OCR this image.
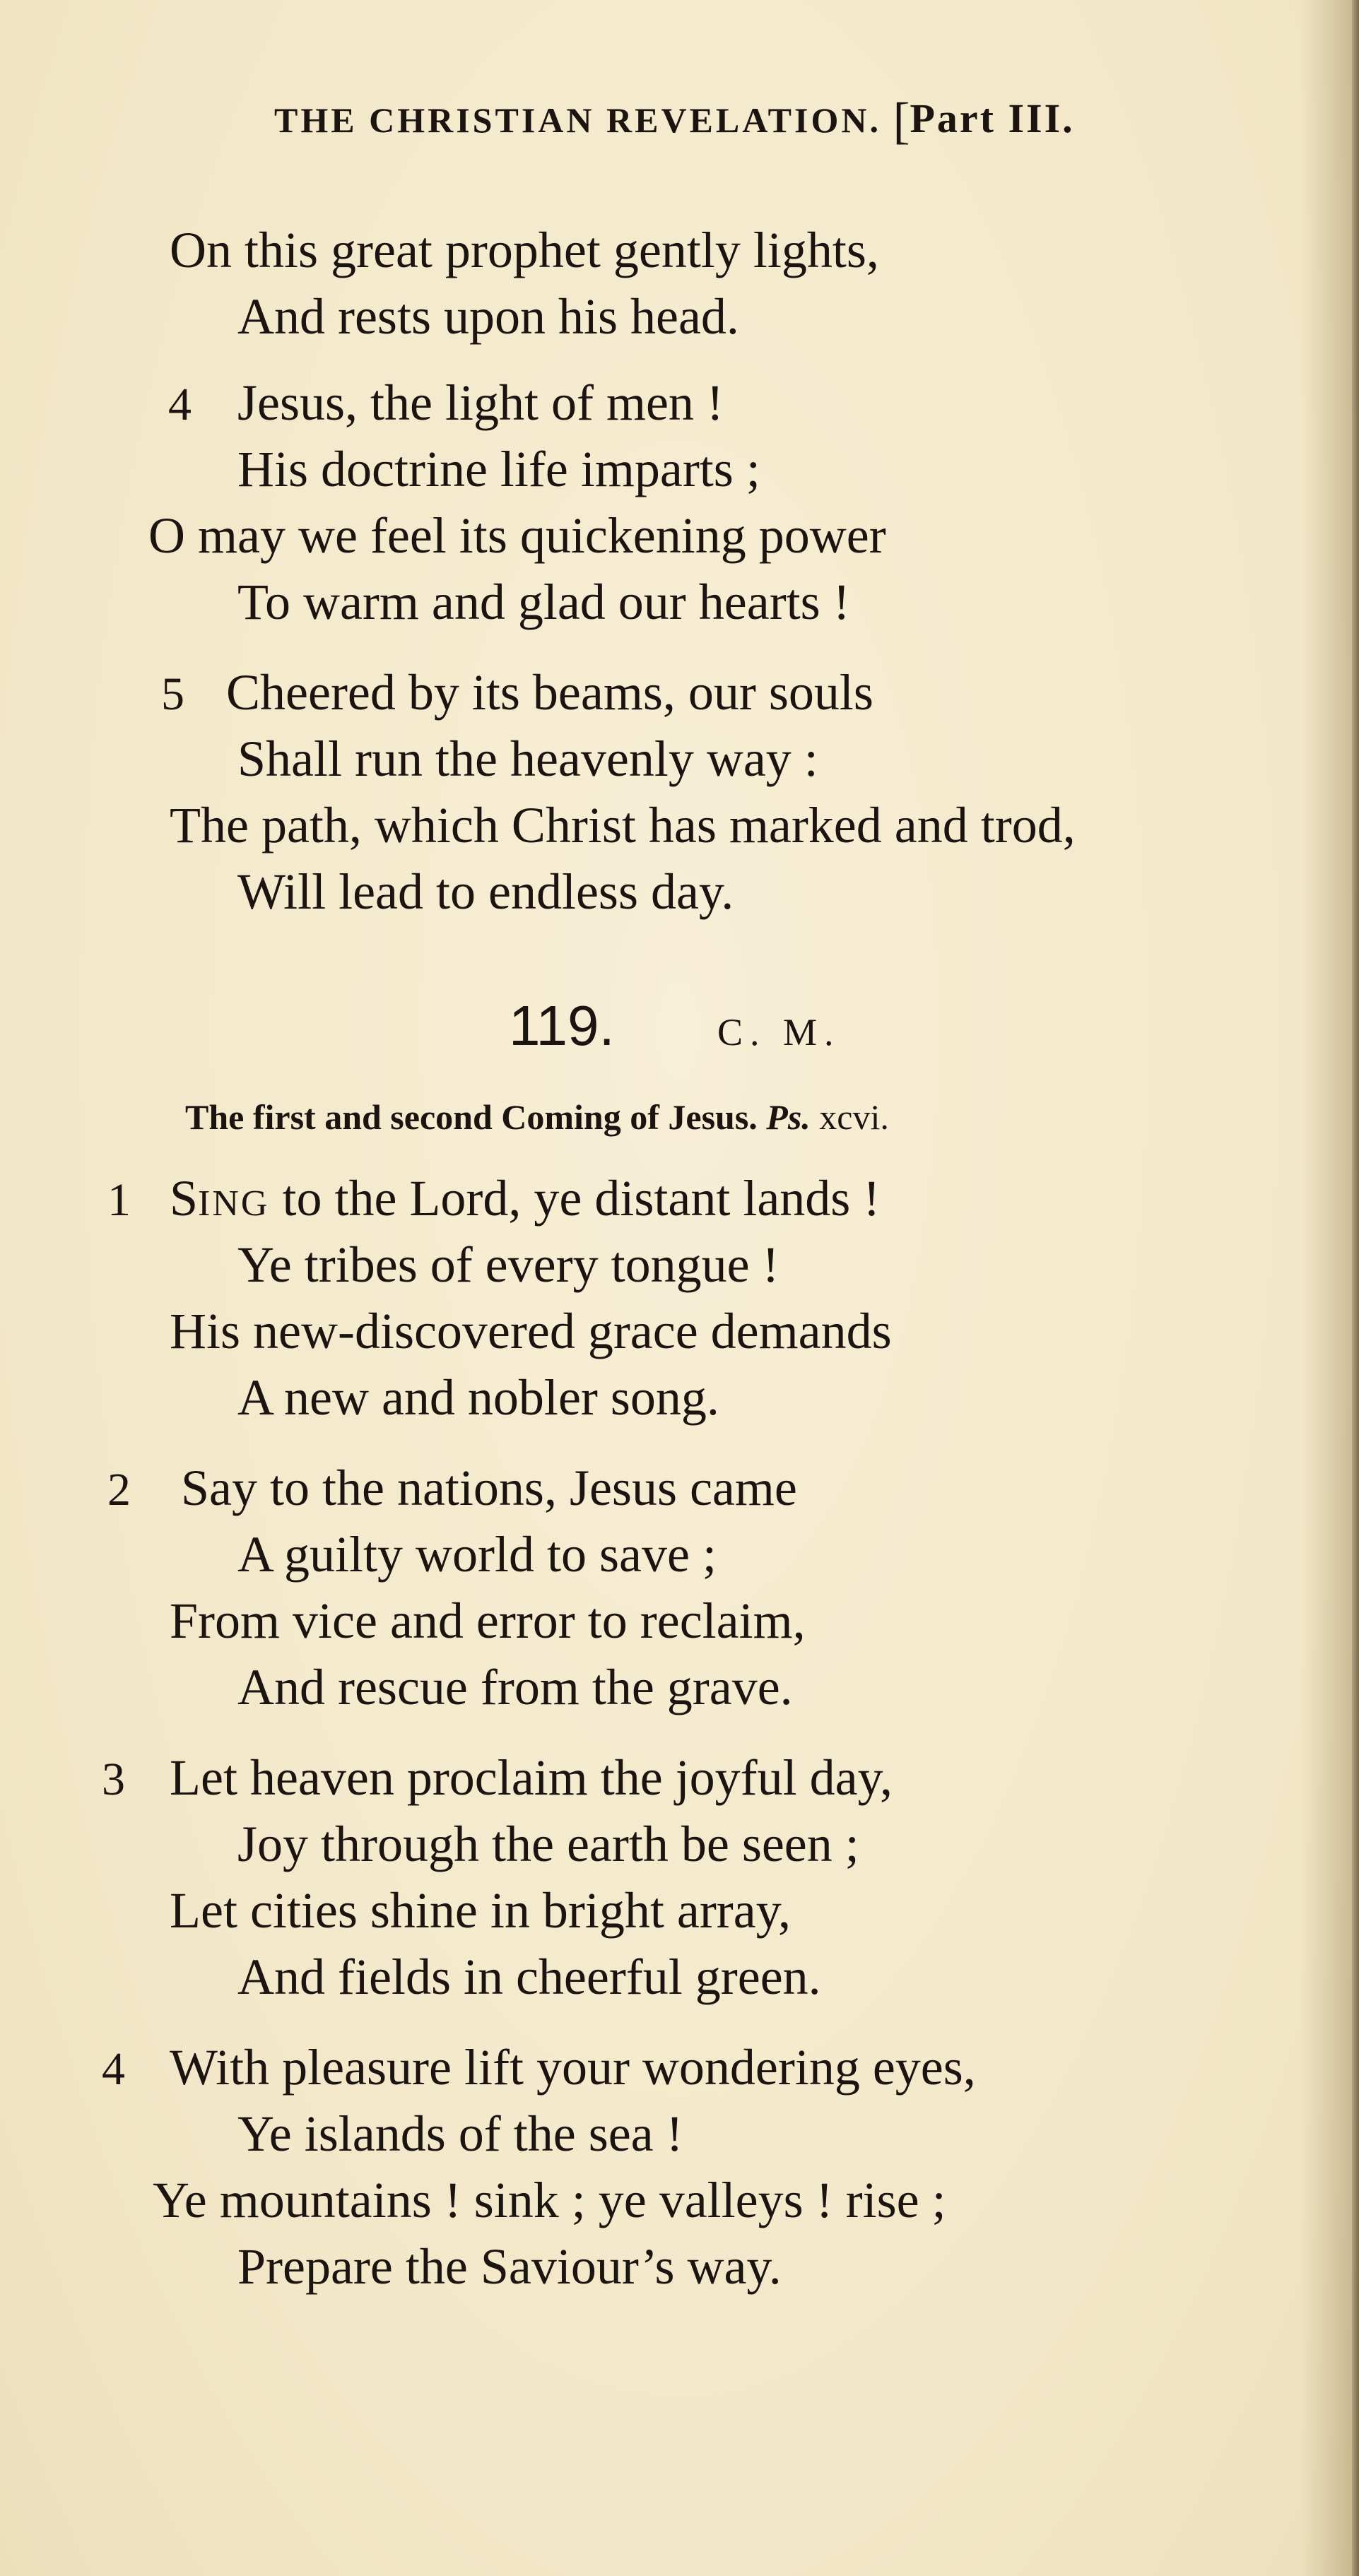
THE CHRISTIAN REVELATION. [Part III.
On this great prophet gently lights,
And rests upon his head.
4 Jesus, the light of men !
His doctrine life imparts ;
O may we feel its quickening power
To warm and glad our hearts !
5 Cheered by its beams, our souls
Shall run the heavenly way :
The path, which Christ has marked and trod,
Will lead to endless day.
119.	C. M.
The first and second Coming of Jesus. Ps. xcvi.
1 SING to the Lord, ye distant lands !
Ye tribes of every tongue !
His new-discovered grace demands
A new and nobler song.
2 Say to the nations, Jesus came
A guilty world to save ;
From vice and error to reclaim,
And rescue from the grave.
3 Let heaven proclaim the joyful day,
Joy through the earth be seen ;
Let cities shine in bright array,
And fields in cheerful green.
4 With pleasure lift your wondering eyes,
Ye islands of the sea !
Ye mountains ! sink ; ye valleys ! rise ;
Prepare the Saviour’s way.
